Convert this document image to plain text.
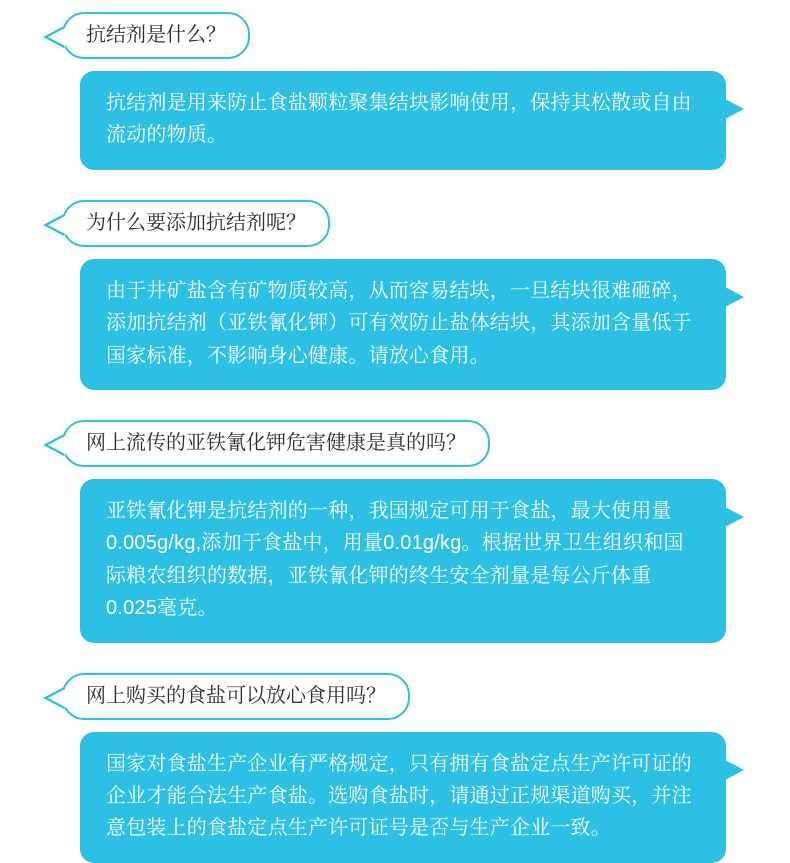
抗结剂是什么？

抗结剂是用来防止食盐颗粒聚集结块影响使用，保持其松散或自由流动的物质。

为什么要添加抗结剂呢？

由于井矿盐含有矿物质较高，从而容易结块，一旦结块很难砸碎，添加抗结剂（亚铁氰化钾）可有效防止盐体结块，其添加含量低于国家标准，不影响身心健康。请放心食用。

网上流传的亚铁氰化钾危害健康是真的吗？

亚铁氰化钾是抗结剂的一种，我国规定可用于食盐，最大使用量0.005g/kg,添加于食盐中，用量0.01g/kg。根据世界卫生组织和国际粮农组织的数据，亚铁氰化钾的终生安全剂量是每公斤体重0.025毫克。

网上购买的食盐可以放心食用吗？

国家对食盐生产企业有严格规定，只有拥有食盐定点生产许可证的企业才能合法生产食盐。选购食盐时，请通过正规渠道购买，并注意包装上的食盐定点生产许可证号是否与生产企业一致。
